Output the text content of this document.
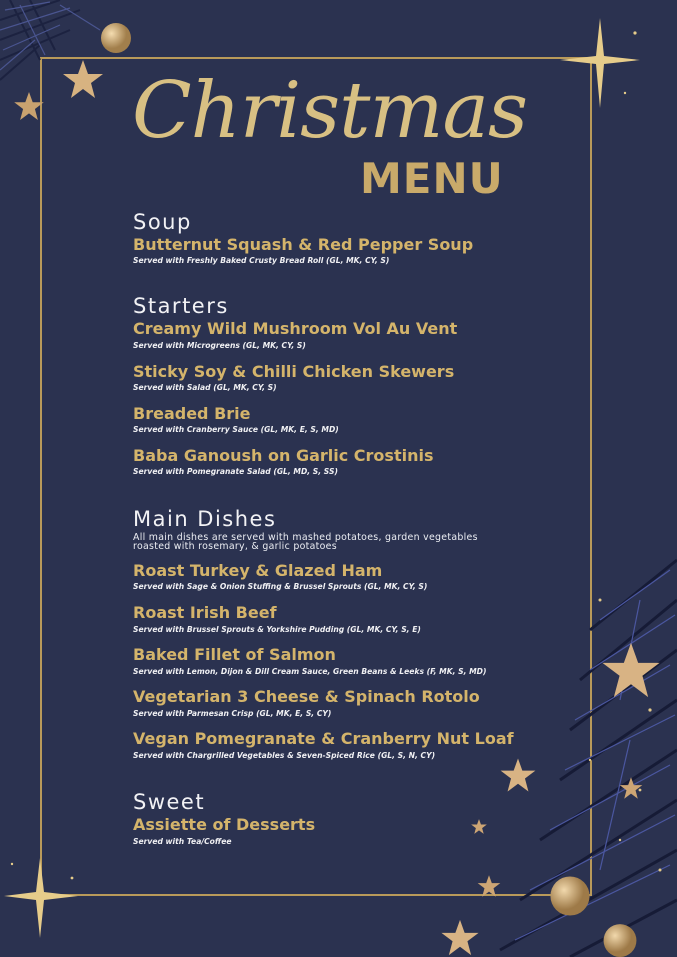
Christmas
MENU
Soup
Butternut Squash & Red Pepper Soup
Served with Freshly Baked Crusty Bread Roll (GL, MK, CY, S)
Starters
Creamy Wild Mushroom Vol Au Vent
Served with Microgreens (GL, MK, CY, S)
Sticky Soy & Chilli Chicken Skewers
Served with Salad (GL, MK, CY, S)
Breaded Brie
Served with Cranberry Sauce (GL, MK, E, S, MD)
Baba Ganoush on Garlic Crostinis
Served with Pomegranate Salad (GL, MD, S, SS)
Main Dishes
All main dishes are served with mashed potatoes, garden vegetables roasted with rosemary, & garlic potatoes
Roast Turkey & Glazed Ham
Served with Sage & Onion Stuffing & Brussel Sprouts (GL, MK, CY, S)
Roast Irish Beef
Served with Brussel Sprouts & Yorkshire Pudding (GL, MK, CY, S, E)
Baked Fillet of Salmon
Served with Lemon, Dijon & Dill Cream Sauce, Green Beans & Leeks (F, MK, S, MD)
Vegetarian 3 Cheese & Spinach Rotolo
Served with Parmesan Crisp (GL, MK, E, S, CY)
Vegan Pomegranate & Cranberry Nut Loaf
Served with Chargrilled Vegetables & Seven-Spiced Rice (GL, S, N, CY)
Sweet
Assiette of Desserts
Served with Tea/Coffee
